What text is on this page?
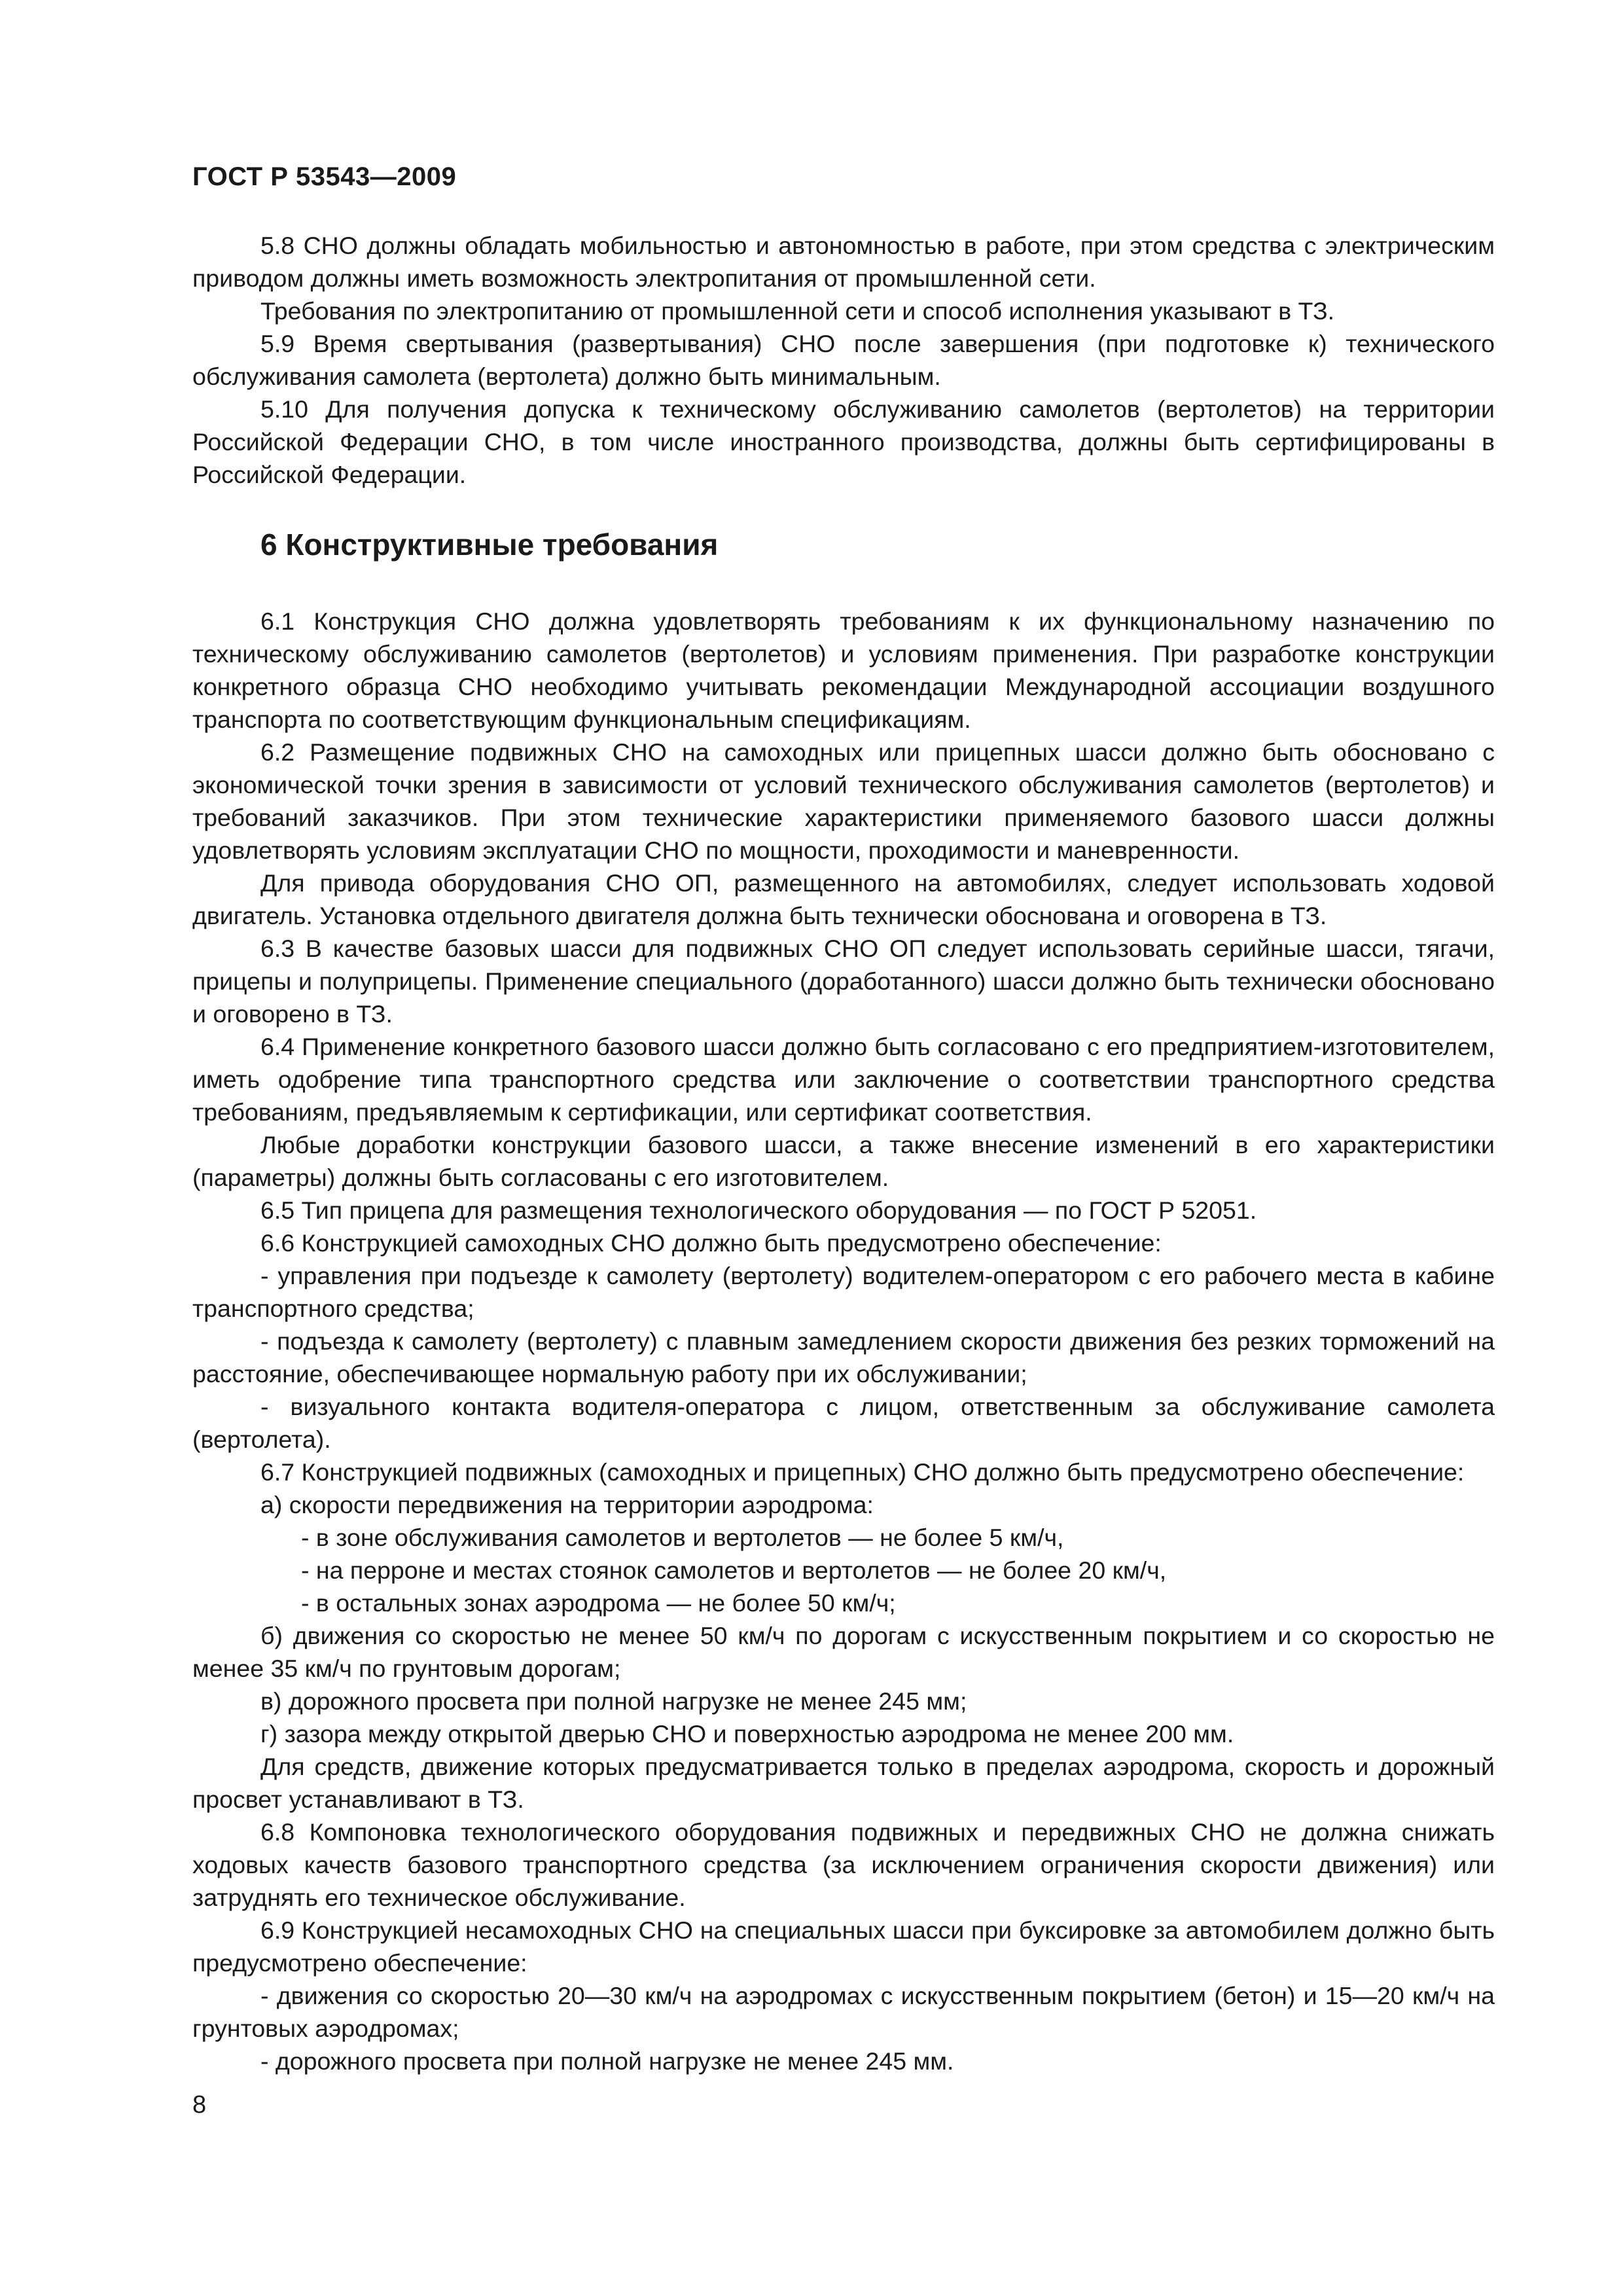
ГОСТ Р 53543—2009

5.8 СНО должны обладать мобильностью и автономностью в работе, при этом средства с электрическим приводом должны иметь возможность электропитания от промышленной сети.

Требования по электропитанию от промышленной сети и способ исполнения указывают в ТЗ.

5.9 Время свертывания (развертывания) СНО после завершения (при подготовке к) технического обслуживания самолета (вертолета) должно быть минимальным.

5.10 Для получения допуска к техническому обслуживанию самолетов (вертолетов) на территории Российской Федерации СНО, в том числе иностранного производства, должны быть сертифицированы в Российской Федерации.

6 Конструктивные требования

6.1 Конструкция СНО должна удовлетворять требованиям к их функциональному назначению по техническому обслуживанию самолетов (вертолетов) и условиям применения. При разработке конструкции конкретного образца СНО необходимо учитывать рекомендации Международной ассоциации воздушного транспорта по соответствующим функциональным спецификациям.

6.2 Размещение подвижных СНО на самоходных или прицепных шасси должно быть обосновано с экономической точки зрения в зависимости от условий технического обслуживания самолетов (вертолетов) и требований заказчиков. При этом технические характеристики применяемого базового шасси должны удовлетворять условиям эксплуатации СНО по мощности, проходимости и маневренности.

Для привода оборудования СНО ОП, размещенного на автомобилях, следует использовать ходовой двигатель. Установка отдельного двигателя должна быть технически обоснована и оговорена в ТЗ.

6.3 В качестве базовых шасси для подвижных СНО ОП следует использовать серийные шасси, тягачи, прицепы и полуприцепы. Применение специального (доработанного) шасси должно быть технически обосновано и оговорено в ТЗ.

6.4 Применение конкретного базового шасси должно быть согласовано с его предприятием-изготовителем, иметь одобрение типа транспортного средства или заключение о соответствии транспортного средства требованиям, предъявляемым к сертификации, или сертификат соответствия.

Любые доработки конструкции базового шасси, а также внесение изменений в его характеристики (параметры) должны быть согласованы с его изготовителем.

6.5 Тип прицепа для размещения технологического оборудования — по ГОСТ Р 52051.

6.6 Конструкцией самоходных СНО должно быть предусмотрено обеспечение:

- управления при подъезде к самолету (вертолету) водителем-оператором с его рабочего места в кабине транспортного средства;

- подъезда к самолету (вертолету) с плавным замедлением скорости движения без резких торможений на расстояние, обеспечивающее нормальную работу при их обслуживании;

- визуального контакта водителя-оператора с лицом, ответственным за обслуживание самолета (вертолета).

6.7 Конструкцией подвижных (самоходных и прицепных) СНО должно быть предусмотрено обеспечение:

а) скорости передвижения на территории аэродрома:

- в зоне обслуживания самолетов и вертолетов — не более 5 км/ч,

- на перроне и местах стоянок самолетов и вертолетов — не более 20 км/ч,

- в остальных зонах аэродрома — не более 50 км/ч;

б) движения со скоростью не менее 50 км/ч по дорогам с искусственным покрытием и со скоростью не менее 35 км/ч по грунтовым дорогам;

в) дорожного просвета при полной нагрузке не менее 245 мм;

г) зазора между открытой дверью СНО и поверхностью аэродрома не менее 200 мм.

Для средств, движение которых предусматривается только в пределах аэродрома, скорость и дорожный просвет устанавливают в ТЗ.

6.8 Компоновка технологического оборудования подвижных и передвижных СНО не должна снижать ходовых качеств базового транспортного средства (за исключением ограничения скорости движения) или затруднять его техническое обслуживание.

6.9 Конструкцией несамоходных СНО на специальных шасси при буксировке за автомобилем должно быть предусмотрено обеспечение:

- движения со скоростью 20—30 км/ч на аэродромах с искусственным покрытием (бетон) и 15—20 км/ч на грунтовых аэродромах;

- дорожного просвета при полной нагрузке не менее 245 мм.

8
